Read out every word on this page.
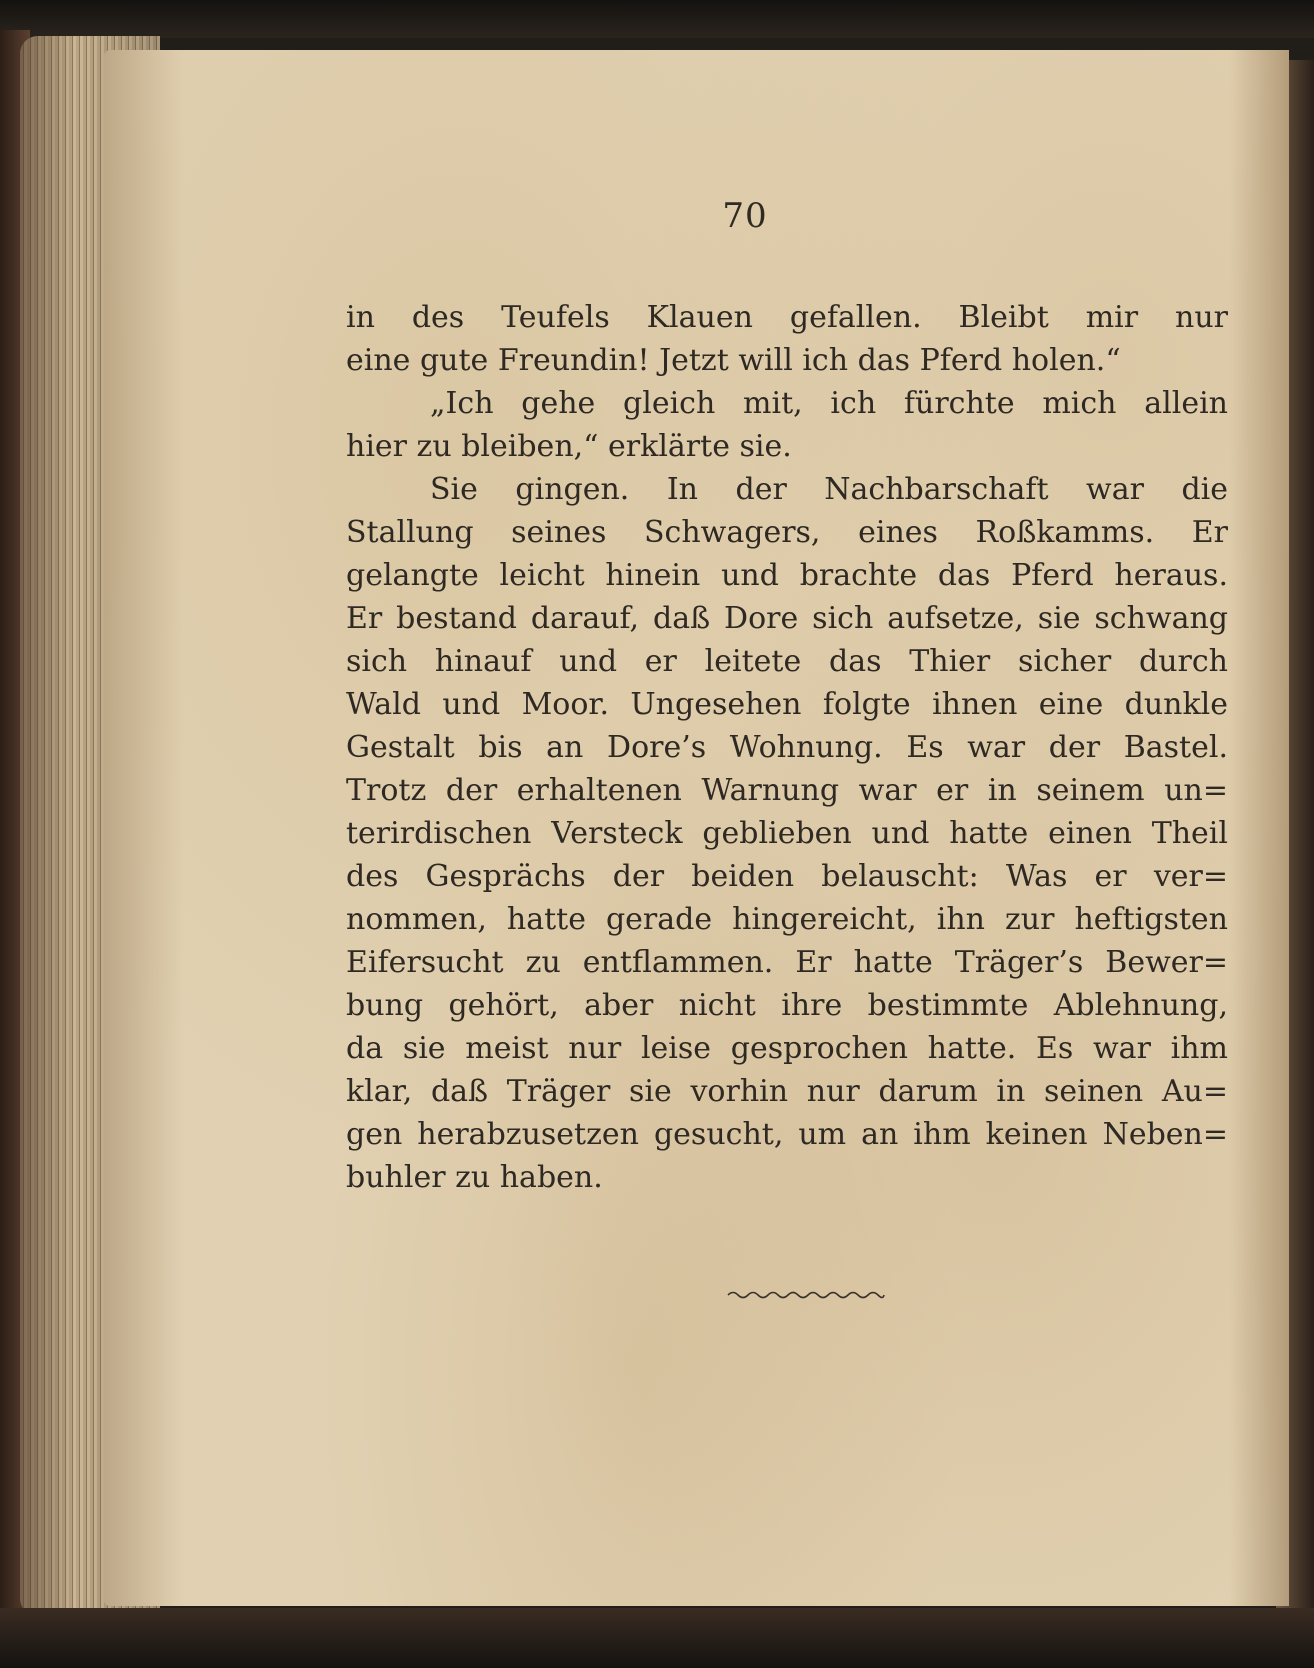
70
in des Teufels Klauen gefallen. Bleibt mir nur
eine gute Freundin! Jetzt will ich das Pferd holen.“
„Ich gehe gleich mit, ich fürchte mich allein
hier zu bleiben,“ erklärte sie.
Sie gingen. In der Nachbarschaft war die
Stallung seines Schwagers, eines Roßkamms. Er
gelangte leicht hinein und brachte das Pferd heraus.
Er bestand darauf, daß Dore sich aufsetze, sie schwang
sich hinauf und er leitete das Thier sicher durch
Wald und Moor. Ungesehen folgte ihnen eine dunkle
Gestalt bis an Dore’s Wohnung. Es war der Bastel.
Trotz der erhaltenen Warnung war er in seinem un=
terirdischen Versteck geblieben und hatte einen Theil
des Gesprächs der beiden belauscht: Was er ver=
nommen, hatte gerade hingereicht, ihn zur heftigsten
Eifersucht zu entflammen. Er hatte Träger’s Bewer=
bung gehört, aber nicht ihre bestimmte Ablehnung,
da sie meist nur leise gesprochen hatte. Es war ihm
klar, daß Träger sie vorhin nur darum in seinen Au=
gen herabzusetzen gesucht, um an ihm keinen Neben=
buhler zu haben.
